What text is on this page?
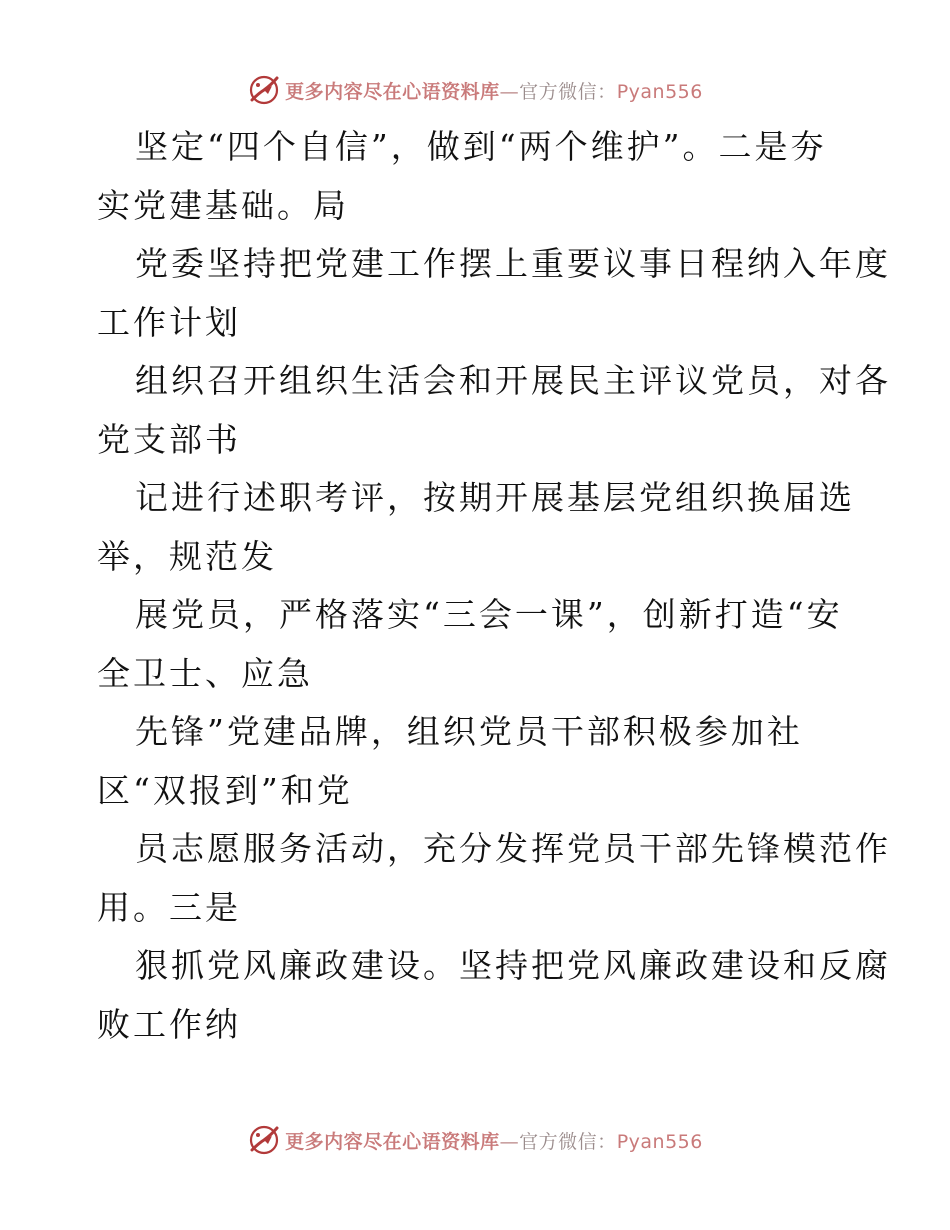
更多内容尽在心语资料库—官方微信：Pyan556
坚定“四个自信”，做到“两个维护”。二是夯
实党建基础。局
党委坚持把党建工作摆上重要议事日程纳入年度
工作计划
组织召开组织生活会和开展民主评议党员，对各
党支部书
记进行述职考评，按期开展基层党组织换届选
举，规范发
展党员，严格落实“三会一课”，创新打造“安
全卫士、应急
先锋”党建品牌，组织党员干部积极参加社
区“双报到”和党
员志愿服务活动，充分发挥党员干部先锋模范作
用。三是
狠抓党风廉政建设。坚持把党风廉政建设和反腐
败工作纳
更多内容尽在心语资料库—官方微信：Pyan556
